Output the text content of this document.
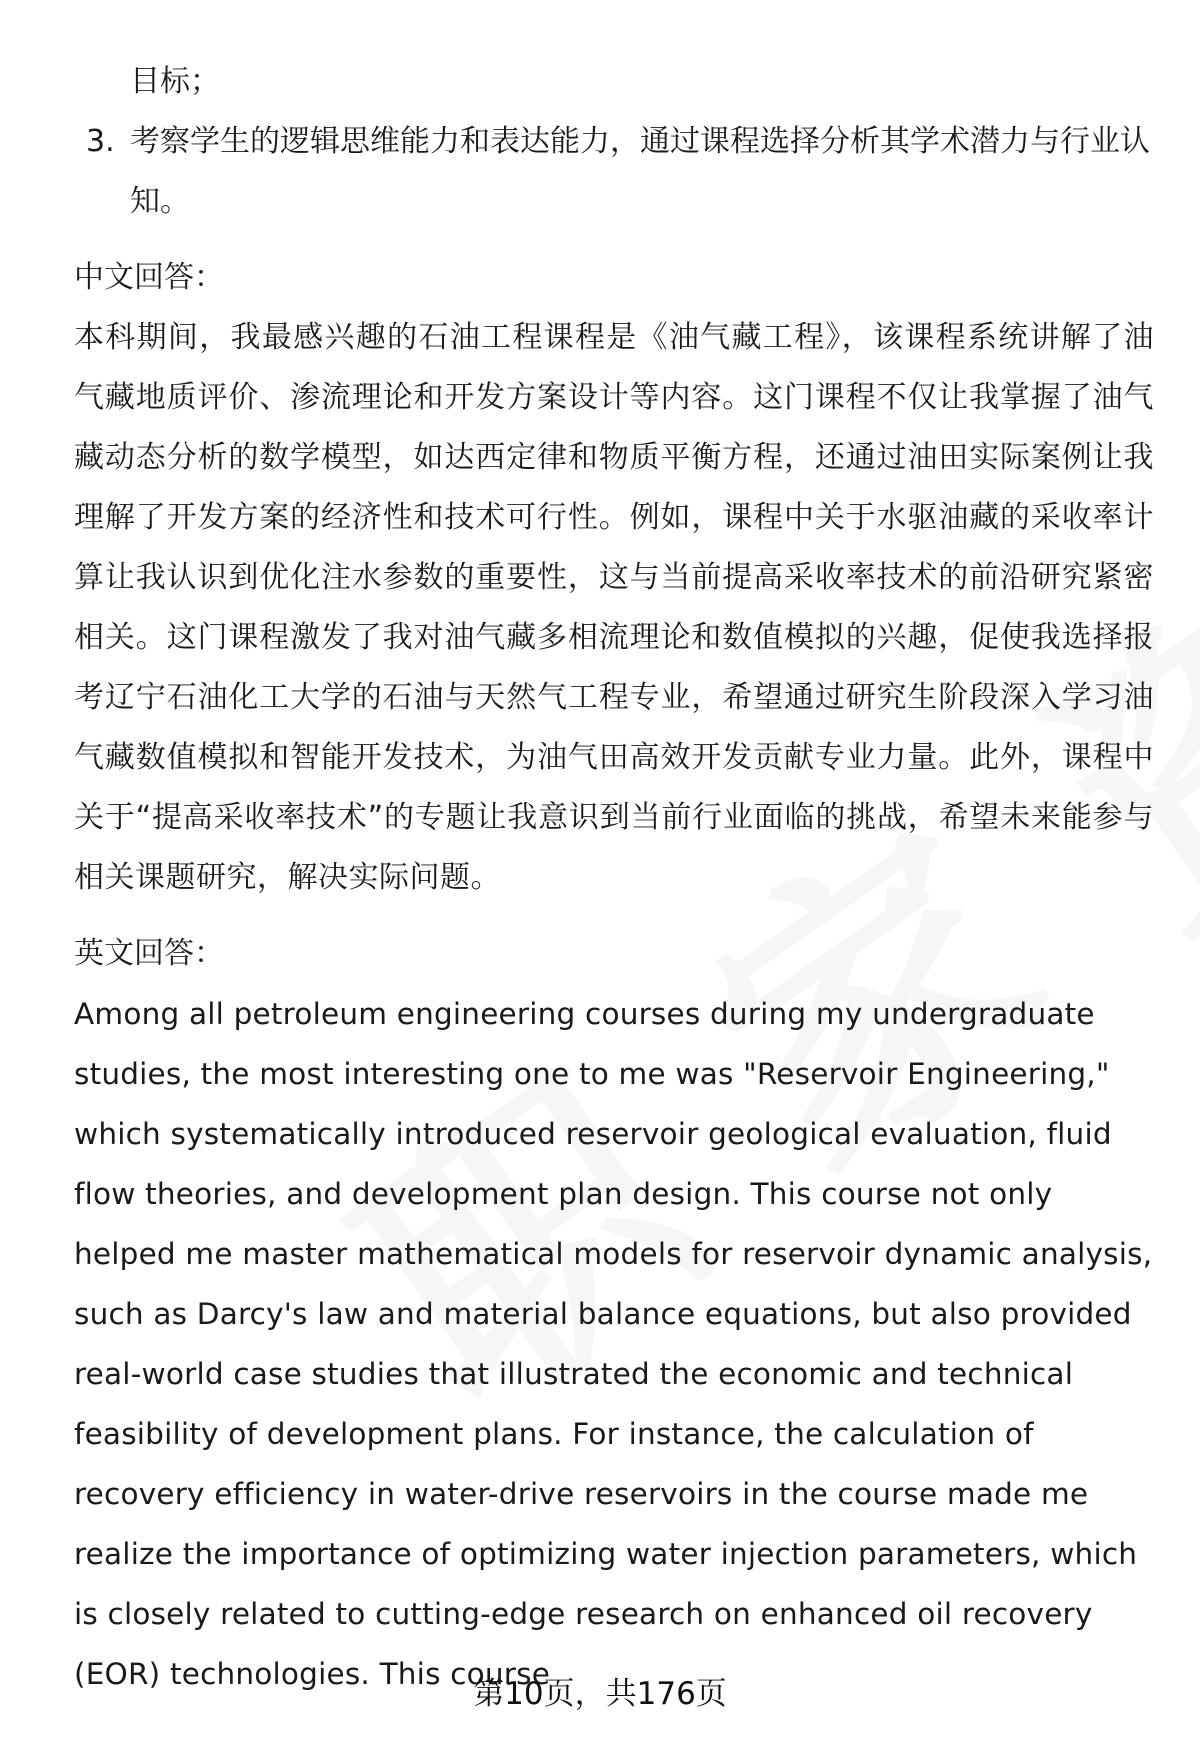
目标；
3. 考察学生的逻辑思维能力和表达能力，通过课程选择分析其学术潜力与行业认知。
中文回答：
本科期间，我最感兴趣的石油工程课程是《油气藏工程》，该课程系统讲解了油气藏地质评价、渗流理论和开发方案设计等内容。这门课程不仅让我掌握了油气藏动态分析的数学模型，如达西定律和物质平衡方程，还通过油田实际案例让我理解了开发方案的经济性和技术可行性。例如，课程中关于水驱油藏的采收率计算让我认识到优化注水参数的重要性，这与当前提高采收率技术的前沿研究紧密相关。这门课程激发了我对油气藏多相流理论和数值模拟的兴趣，促使我选择报考辽宁石油化工大学的石油与天然气工程专业，希望通过研究生阶段深入学习油气藏数值模拟和智能开发技术，为油气田高效开发贡献专业力量。此外，课程中关于“提高采收率技术”的专题让我意识到当前行业面临的挑战，希望未来能参与相关课题研究，解决实际问题。
英文回答：
Among all petroleum engineering courses during my undergraduate studies, the most interesting one to me was "Reservoir Engineering," which systematically introduced reservoir geological evaluation, fluid flow theories, and development plan design. This course not only helped me master mathematical models for reservoir dynamic analysis, such as Darcy's law and material balance equations, but also provided real-world case studies that illustrated the economic and technical feasibility of development plans. For instance, the calculation of recovery efficiency in water-drive reservoirs in the course made me realize the importance of optimizing water injection parameters, which is closely related to cutting-edge research on enhanced oil recovery (EOR) technologies. This course
第10页，共176页
